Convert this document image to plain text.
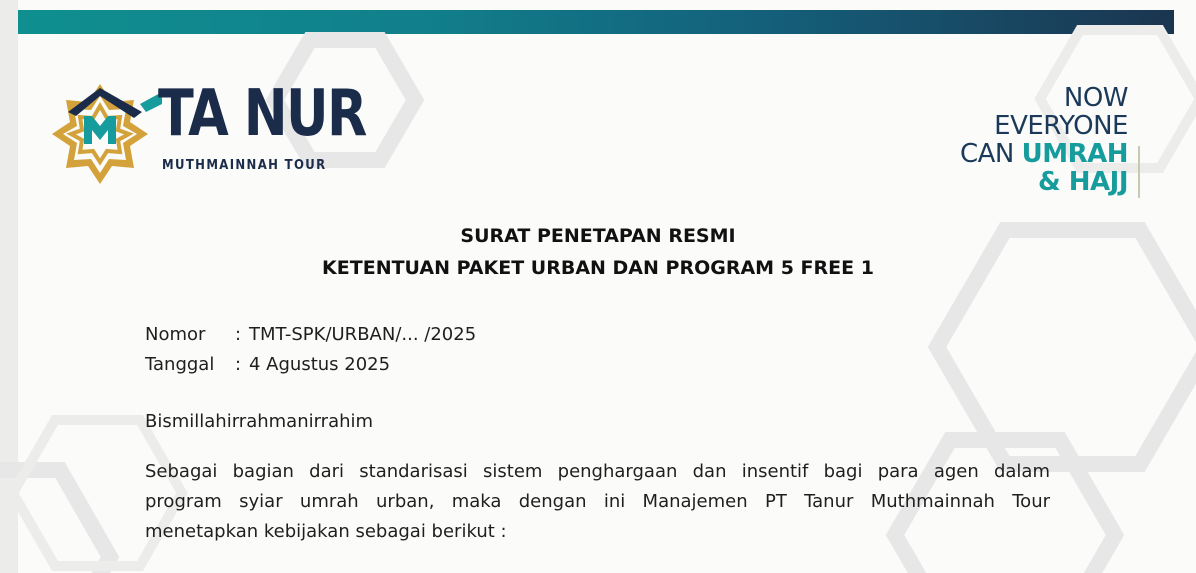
TA NUR

MUTHMAINNAH TOUR

NOW
EVERYONE
CAN UMRAH
& HAJJ

SURAT PENETAPAN RESMI

KETENTUAN PAKET URBAN DAN PROGRAM 5 FREE 1

Nomor	: TMT-SPK/URBAN/... /2025
Tanggal	: 4 Agustus 2025

Bismillahirrahmanirrahim

Sebagai bagian dari standarisasi sistem penghargaan dan insentif bagi para agen dalam
program syiar umrah urban, maka dengan ini Manajemen PT Tanur Muthmainnah Tour
menetapkan kebijakan sebagai berikut :
